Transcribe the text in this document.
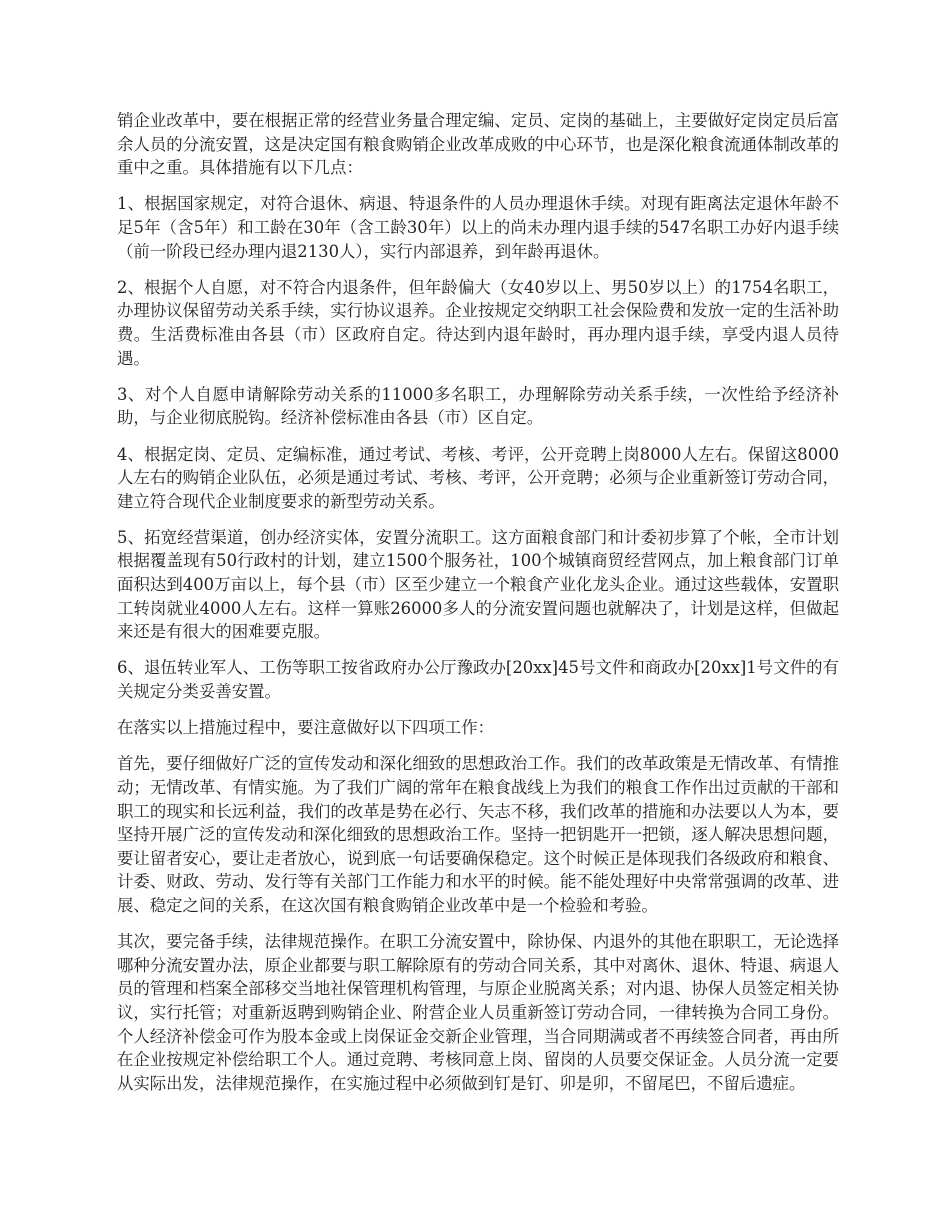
销企业改革中，要在根据正常的经营业务量合理定编、定员、定岗的基础上，主要做好定岗定员后富余人员的分流安置，这是决定国有粮食购销企业改革成败的中心环节，也是深化粮食流通体制改革的重中之重。具体措施有以下几点：

1、根据国家规定，对符合退休、病退、特退条件的人员办理退休手续。对现有距离法定退休年龄不足5年（含5年）和工龄在30年（含工龄30年）以上的尚未办理内退手续的547名职工办好内退手续（前一阶段已经办理内退2130人），实行内部退养，到年龄再退休。

2、根据个人自愿，对不符合内退条件，但年龄偏大（女40岁以上、男50岁以上）的1754名职工，办理协议保留劳动关系手续，实行协议退养。企业按规定交纳职工社会保险费和发放一定的生活补助费。生活费标准由各县（市）区政府自定。待达到内退年龄时，再办理内退手续，享受内退人员待遇。

3、对个人自愿申请解除劳动关系的11000多名职工，办理解除劳动关系手续，一次性给予经济补助，与企业彻底脱钩。经济补偿标准由各县（市）区自定。

4、根据定岗、定员、定编标准，通过考试、考核、考评，公开竞聘上岗8000人左右。保留这8000人左右的购销企业队伍，必须是通过考试、考核、考评，公开竞聘；必须与企业重新签订劳动合同，建立符合现代企业制度要求的新型劳动关系。

5、拓宽经营渠道，创办经济实体，安置分流职工。这方面粮食部门和计委初步算了个帐，全市计划根据覆盖现有50行政村的计划，建立1500个服务社，100个城镇商贸经营网点，加上粮食部门订单面积达到400万亩以上，每个县（市）区至少建立一个粮食产业化龙头企业。通过这些载体，安置职工转岗就业4000人左右。这样一算账26000多人的分流安置问题也就解决了，计划是这样，但做起来还是有很大的困难要克服。

6、退伍转业军人、工伤等职工按省政府办公厅豫政办[20xx]45号文件和商政办[20xx]1号文件的有关规定分类妥善安置。

在落实以上措施过程中，要注意做好以下四项工作：

首先，要仔细做好广泛的宣传发动和深化细致的思想政治工作。我们的改革政策是无情改革、有情推动；无情改革、有情实施。为了我们广阔的常年在粮食战线上为我们的粮食工作作出过贡献的干部和职工的现实和长远利益，我们的改革是势在必行、矢志不移，我们改革的措施和办法要以人为本，要坚持开展广泛的宣传发动和深化细致的思想政治工作。坚持一把钥匙开一把锁，逐人解决思想问题，要让留者安心，要让走者放心，说到底一句话要确保稳定。这个时候正是体现我们各级政府和粮食、计委、财政、劳动、发行等有关部门工作能力和水平的时候。能不能处理好中央常常强调的改革、进展、稳定之间的关系，在这次国有粮食购销企业改革中是一个检验和考验。

其次，要完备手续，法律规范操作。在职工分流安置中，除协保、内退外的其他在职职工，无论选择哪种分流安置办法，原企业都要与职工解除原有的劳动合同关系，其中对离休、退休、特退、病退人员的管理和档案全部移交当地社保管理机构管理，与原企业脱离关系；对内退、协保人员签定相关协议，实行托管；对重新返聘到购销企业、附营企业人员重新签订劳动合同，一律转换为合同工身份。个人经济补偿金可作为股本金或上岗保证金交新企业管理，当合同期满或者不再续签合同者，再由所在企业按规定补偿给职工个人。通过竞聘、考核同意上岗、留岗的人员要交保证金。人员分流一定要从实际出发，法律规范操作，在实施过程中必须做到钉是钉、卯是卯，不留尾巴，不留后遗症。
